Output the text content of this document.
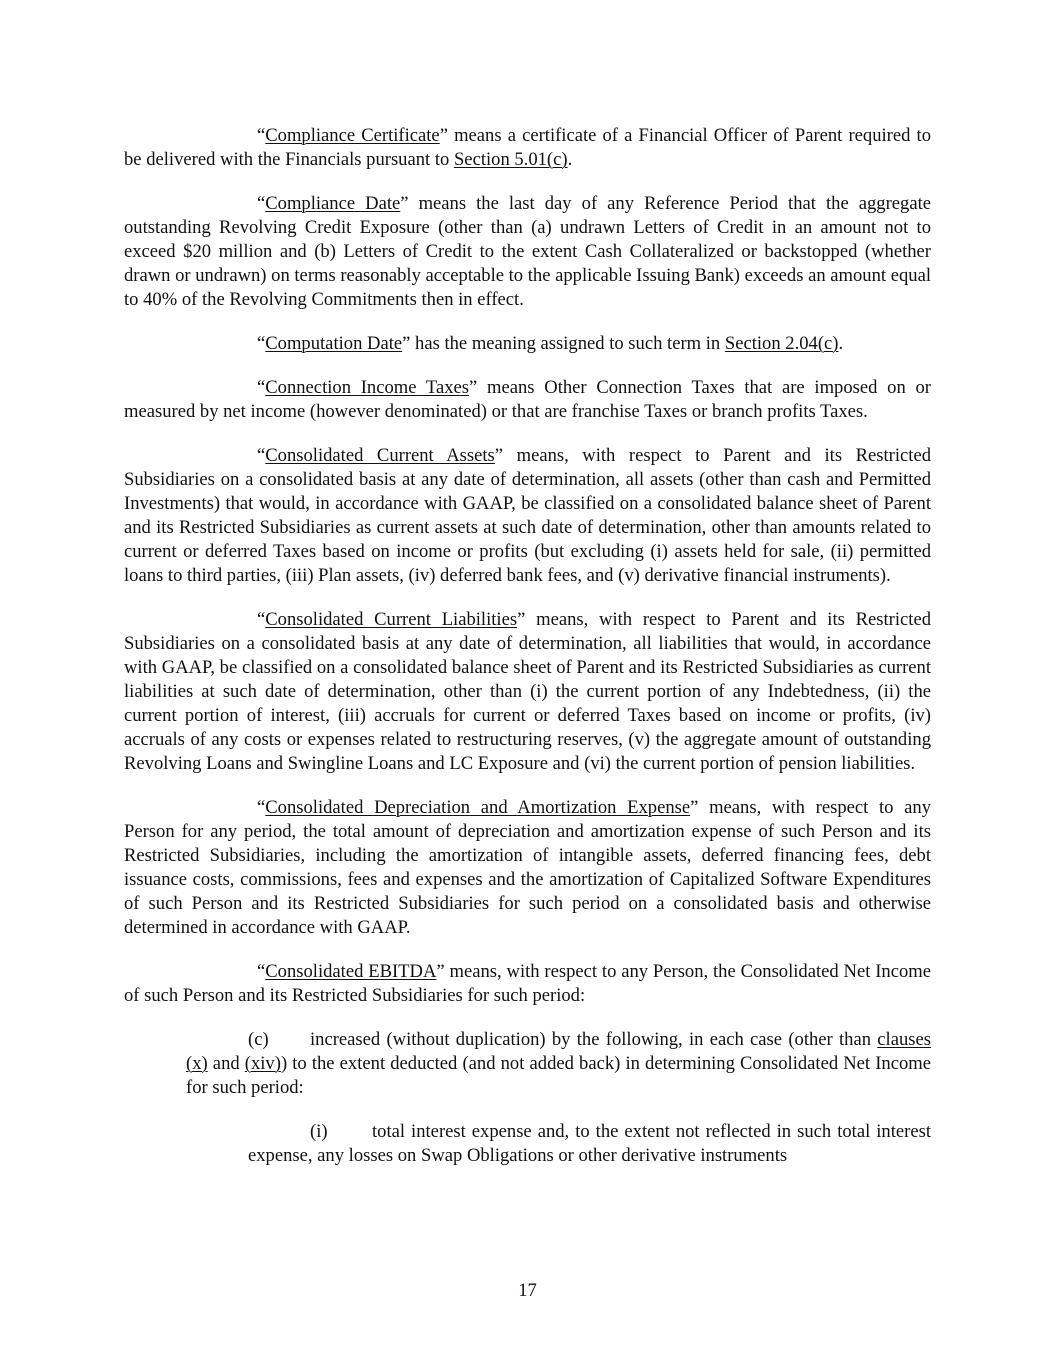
“Compliance Certificate” means a certificate of a Financial Officer of Parent required to be delivered with the Financials pursuant to Section 5.01(c).

“Compliance Date” means the last day of any Reference Period that the aggregate outstanding Revolving Credit Exposure (other than (a) undrawn Letters of Credit in an amount not to exceed $20 million and (b) Letters of Credit to the extent Cash Collateralized or backstopped (whether drawn or undrawn) on terms reasonably acceptable to the applicable Issuing Bank) exceeds an amount equal to 40% of the Revolving Commitments then in effect.

“Computation Date” has the meaning assigned to such term in Section 2.04(c).

“Connection Income Taxes” means Other Connection Taxes that are imposed on or measured by net income (however denominated) or that are franchise Taxes or branch profits Taxes.

“Consolidated Current Assets” means, with respect to Parent and its Restricted Subsidiaries on a consolidated basis at any date of determination, all assets (other than cash and Permitted Investments) that would, in accordance with GAAP, be classified on a consolidated balance sheet of Parent and its Restricted Subsidiaries as current assets at such date of determination, other than amounts related to current or deferred Taxes based on income or profits (but excluding (i) assets held for sale, (ii) permitted loans to third parties, (iii) Plan assets, (iv) deferred bank fees, and (v) derivative financial instruments).

“Consolidated Current Liabilities” means, with respect to Parent and its Restricted Subsidiaries on a consolidated basis at any date of determination, all liabilities that would, in accordance with GAAP, be classified on a consolidated balance sheet of Parent and its Restricted Subsidiaries as current liabilities at such date of determination, other than (i) the current portion of any Indebtedness, (ii) the current portion of interest, (iii) accruals for current or deferred Taxes based on income or profits, (iv) accruals of any costs or expenses related to restructuring reserves, (v) the aggregate amount of outstanding Revolving Loans and Swingline Loans and LC Exposure and (vi) the current portion of pension liabilities.

“Consolidated Depreciation and Amortization Expense” means, with respect to any Person for any period, the total amount of depreciation and amortization expense of such Person and its Restricted Subsidiaries, including the amortization of intangible assets, deferred financing fees, debt issuance costs, commissions, fees and expenses and the amortization of Capitalized Software Expenditures of such Person and its Restricted Subsidiaries for such period on a consolidated basis and otherwise determined in accordance with GAAP.

“Consolidated EBITDA” means, with respect to any Person, the Consolidated Net Income of such Person and its Restricted Subsidiaries for such period:

(c) increased (without duplication) by the following, in each case (other than clauses (x) and (xiv)) to the extent deducted (and not added back) in determining Consolidated Net Income for such period:

(i) total interest expense and, to the extent not reflected in such total interest expense, any losses on Swap Obligations or other derivative instruments

17
